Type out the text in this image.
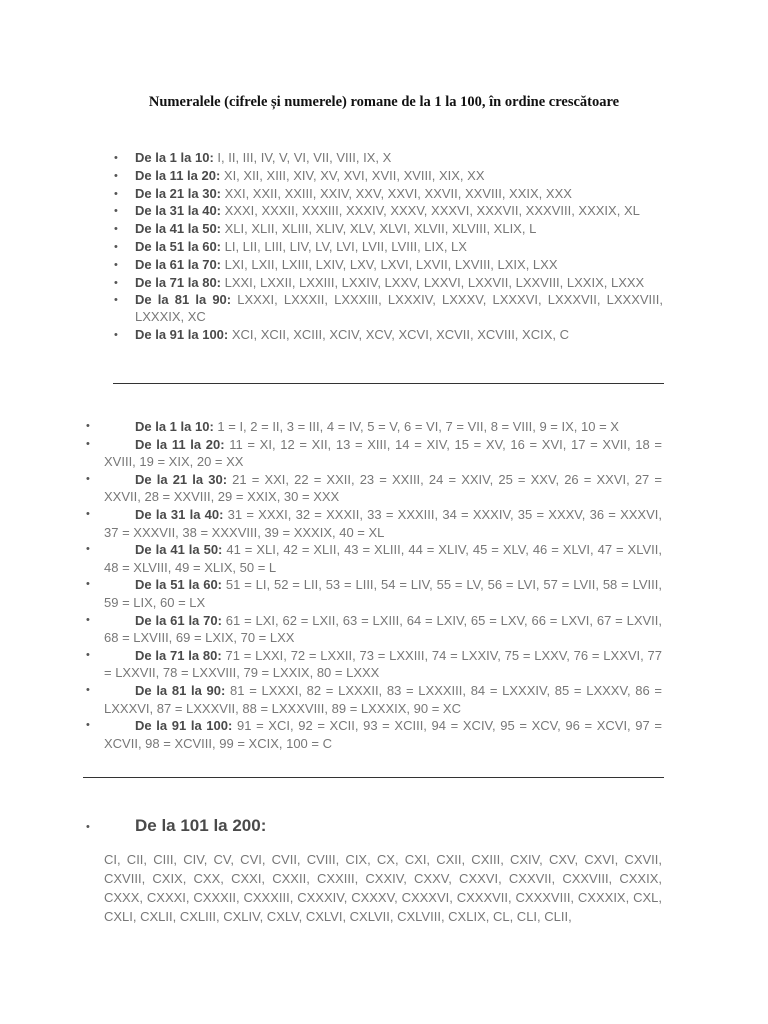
Numeralele (cifrele și numerele) romane de la 1 la 100, în ordine crescătoare
• De la 1 la 10: I, II, III, IV, V, VI, VII, VIII, IX, X
• De la 11 la 20: XI, XII, XIII, XIV, XV, XVI, XVII, XVIII, XIX, XX
• De la 21 la 30: XXI, XXII, XXIII, XXIV, XXV, XXVI, XXVII, XXVIII, XXIX, XXX
• De la 31 la 40: XXXI, XXXII, XXXIII, XXXIV, XXXV, XXXVI, XXXVII, XXXVIII, XXXIX, XL
• De la 41 la 50: XLI, XLII, XLIII, XLIV, XLV, XLVI, XLVII, XLVIII, XLIX, L
• De la 51 la 60: LI, LII, LIII, LIV, LV, LVI, LVII, LVIII, LIX, LX
• De la 61 la 70: LXI, LXII, LXIII, LXIV, LXV, LXVI, LXVII, LXVIII, LXIX, LXX
• De la 71 la 80: LXXI, LXXII, LXXIII, LXXIV, LXXV, LXXVI, LXXVII, LXXVIII, LXXIX, LXXX
• De la 81 la 90: LXXXI, LXXXII, LXXXIII, LXXXIV, LXXXV, LXXXVI, LXXXVII, LXXXVIII, LXXXIX, XC
• De la 91 la 100: XCI, XCII, XCIII, XCIV, XCV, XCVI, XCVII, XCVIII, XCIX, C
• De la 1 la 10: 1 = I, 2 = II, 3 = III, 4 = IV, 5 = V, 6 = VI, 7 = VII, 8 = VIII, 9 = IX, 10 = X
• De la 11 la 20: 11 = XI, 12 = XII, 13 = XIII, 14 = XIV, 15 = XV, 16 = XVI, 17 = XVII, 18 = XVIII, 19 = XIX, 20 = XX
• De la 21 la 30: 21 = XXI, 22 = XXII, 23 = XXIII, 24 = XXIV, 25 = XXV, 26 = XXVI, 27 = XXVII, 28 = XXVIII, 29 = XXIX, 30 = XXX
• De la 31 la 40: 31 = XXXI, 32 = XXXII, 33 = XXXIII, 34 = XXXIV, 35 = XXXV, 36 = XXXVI, 37 = XXXVII, 38 = XXXVIII, 39 = XXXIX, 40 = XL
• De la 41 la 50: 41 = XLI, 42 = XLII, 43 = XLIII, 44 = XLIV, 45 = XLV, 46 = XLVI, 47 = XLVII, 48 = XLVIII, 49 = XLIX, 50 = L
• De la 51 la 60: 51 = LI, 52 = LII, 53 = LIII, 54 = LIV, 55 = LV, 56 = LVI, 57 = LVII, 58 = LVIII, 59 = LIX, 60 = LX
• De la 61 la 70: 61 = LXI, 62 = LXII, 63 = LXIII, 64 = LXIV, 65 = LXV, 66 = LXVI, 67 = LXVII, 68 = LXVIII, 69 = LXIX, 70 = LXX
• De la 71 la 80: 71 = LXXI, 72 = LXXII, 73 = LXXIII, 74 = LXXIV, 75 = LXXV, 76 = LXXVI, 77 = LXXVII, 78 = LXXVIII, 79 = LXXIX, 80 = LXXX
• De la 81 la 90: 81 = LXXXI, 82 = LXXXII, 83 = LXXXIII, 84 = LXXXIV, 85 = LXXXV, 86 = LXXXVI, 87 = LXXXVII, 88 = LXXXVIII, 89 = LXXXIX, 90 = XC
• De la 91 la 100: 91 = XCI, 92 = XCII, 93 = XCIII, 94 = XCIV, 95 = XCV, 96 = XCVI, 97 = XCVII, 98 = XCVIII, 99 = XCIX, 100 = C
•	De la 101 la 200:
CI, CII, CIII, CIV, CV, CVI, CVII, CVIII, CIX, CX, CXI, CXII, CXIII, CXIV, CXV, CXVI, CXVII, CXVIII, CXIX, CXX, CXXI, CXXII, CXXIII, CXXIV, CXXV, CXXVI, CXXVII, CXXVIII, CXXIX, CXXX, CXXXI, CXXXII, CXXXIII, CXXXIV, CXXXV, CXXXVI, CXXXVII, CXXXVIII, CXXXIX, CXL, CXLI, CXLII, CXLIII, CXLIV, CXLV, CXLVI, CXLVII, CXLVIII, CXLIX, CL, CLI, CLII,
